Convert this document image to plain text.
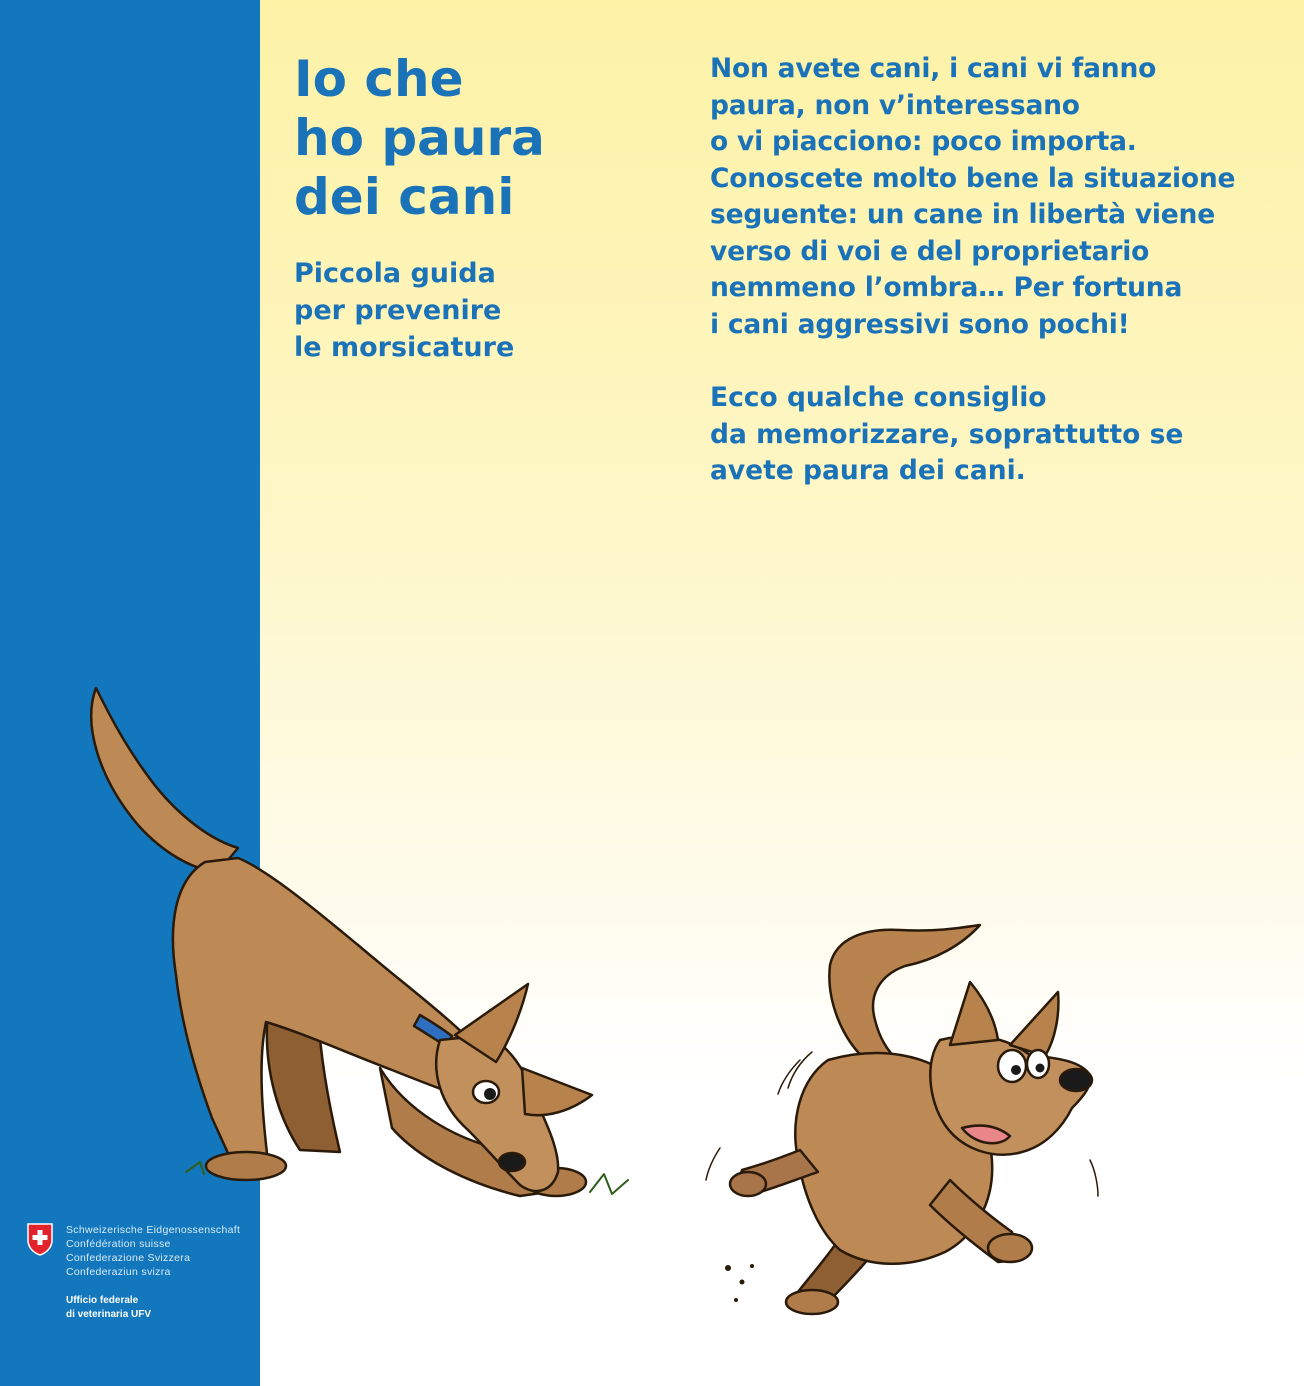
Io che
ho paura
dei cani
Piccola guida
per prevenire
le morsicature

Non avete cani, i cani vi fanno
paura, non v’interessano
o vi piacciono: poco importa.
Conoscete molto bene la situazione
seguente: un cane in libertà viene
verso di voi e del proprietario
nemmeno l’ombra… Per fortuna
i cani aggressivi sono pochi!

Ecco qualche consiglio
da memorizzare, soprattutto se
avete paura dei cani.

Schweizerische Eidgenossenschaft
Confédération suisse
Confederazione Svizzera
Confederaziun svizra
Ufficio federale
di veterinaria UFV
